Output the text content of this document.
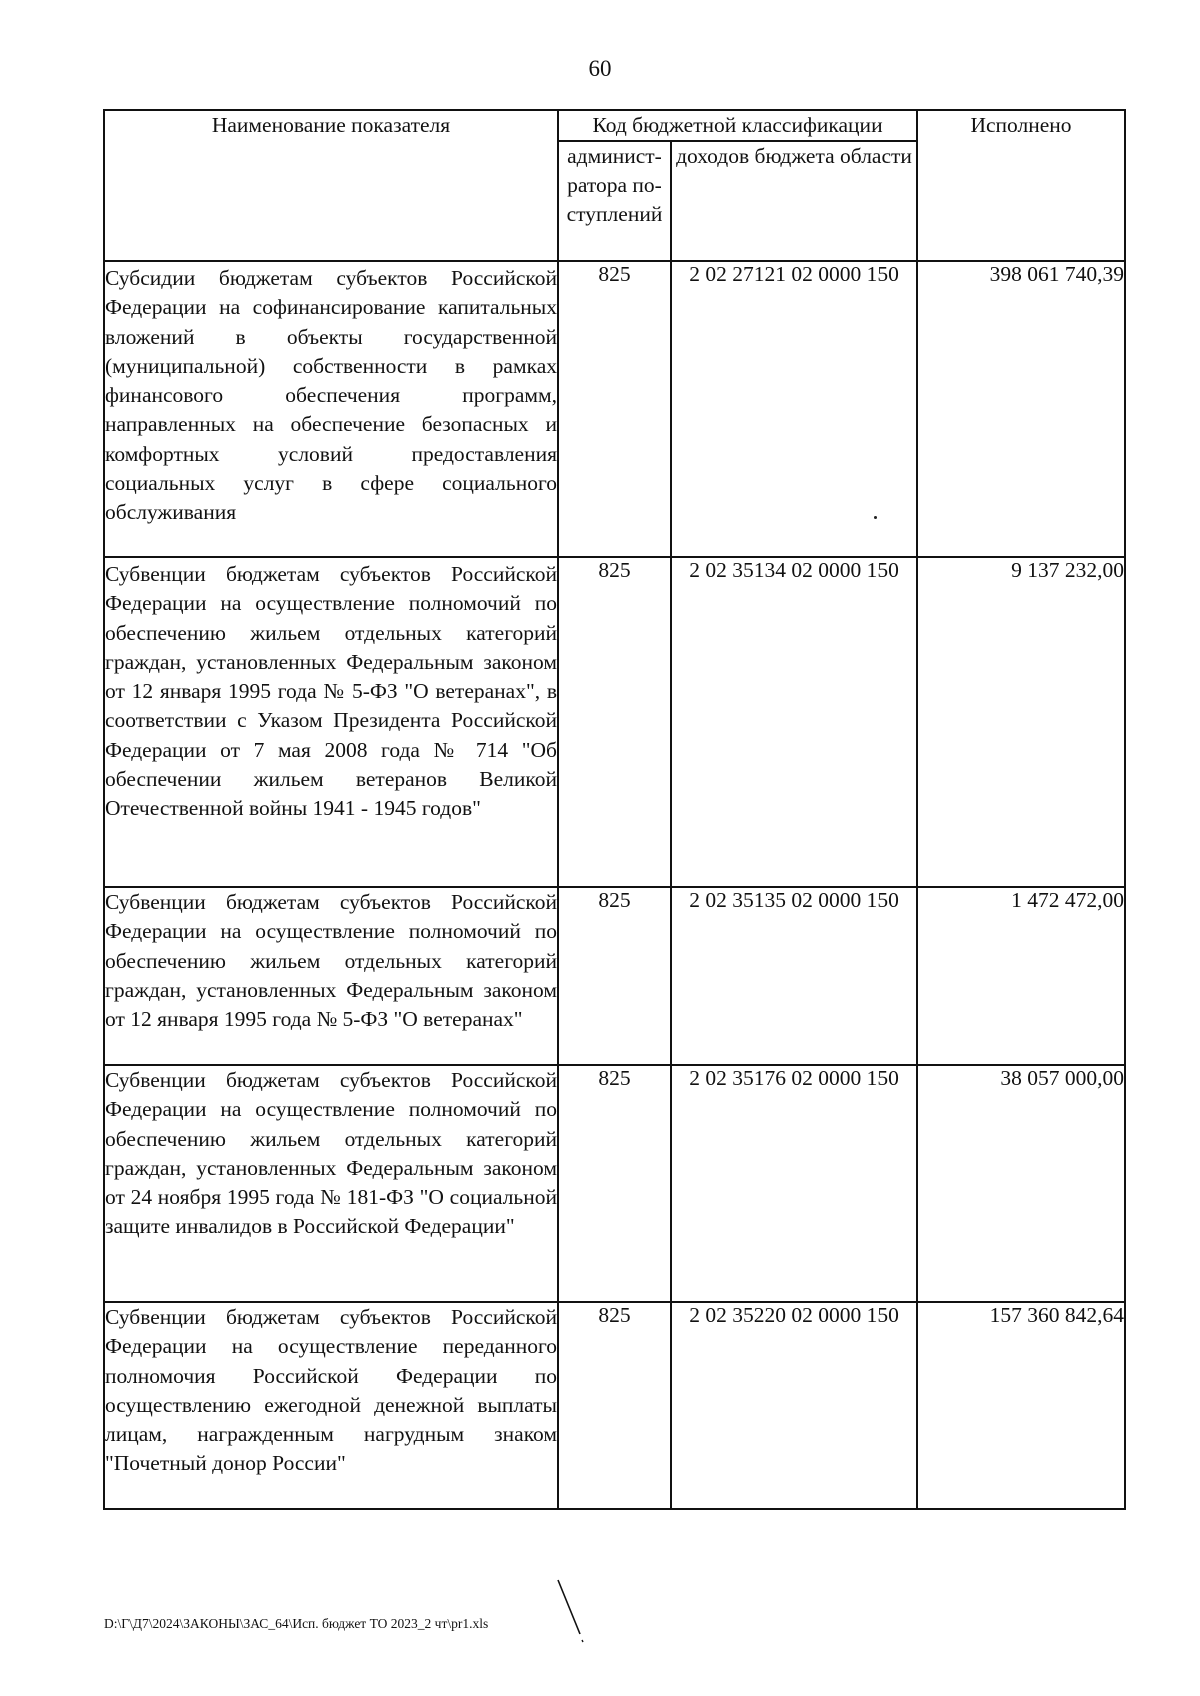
60
Наименование показателя	Код бюджетной классификации		Исполнено
	админист-ратора по-ступлений	доходов бюджета области	
Субсидии бюджетам субъектов Российской Федерации на софинансирование капитальных вложений в объекты государственной (муниципальной) собственности в рамках финансового обеспечения программ, направленных на обеспечение безопасных и комфортных условий предоставления социальных услуг в сфере социального обслуживания	825	2 02 27121 02 0000 150	398 061 740,39
Субвенции бюджетам субъектов Российской Федерации на осуществление полномочий по обеспечению жильем отдельных категорий граждан, установленных Федеральным законом от 12 января 1995 года № 5-ФЗ "О ветеранах", в соответствии с Указом Президента Российской Федерации от 7 мая 2008 года № 714 "Об обеспечении жильем ветеранов Великой Отечественной войны 1941 - 1945 годов"	825	2 02 35134 02 0000 150	9 137 232,00
Субвенции бюджетам субъектов Российской Федерации на осуществление полномочий по обеспечению жильем отдельных категорий граждан, установленных Федеральным законом от 12 января 1995 года № 5-ФЗ "О ветеранах"	825	2 02 35135 02 0000 150	1 472 472,00
Субвенции бюджетам субъектов Российской Федерации на осуществление полномочий по обеспечению жильем отдельных категорий граждан, установленных Федеральным законом от 24 ноября 1995 года № 181-ФЗ "О социальной защите инвалидов в Российской Федерации"	825	2 02 35176 02 0000 150	38 057 000,00
Субвенции бюджетам субъектов Российской Федерации на осуществление переданного полномочия Российской Федерации по осуществлению ежегодной денежной выплаты лицам, награжденным нагрудным знаком "Почетный донор России"	825	2 02 35220 02 0000 150	157 360 842,64
D:\Г\Д7\2024\ЗАКОНЫ\ЗАС_64\Исп. бюджет ТО 2023_2 чт\pr1.xls
